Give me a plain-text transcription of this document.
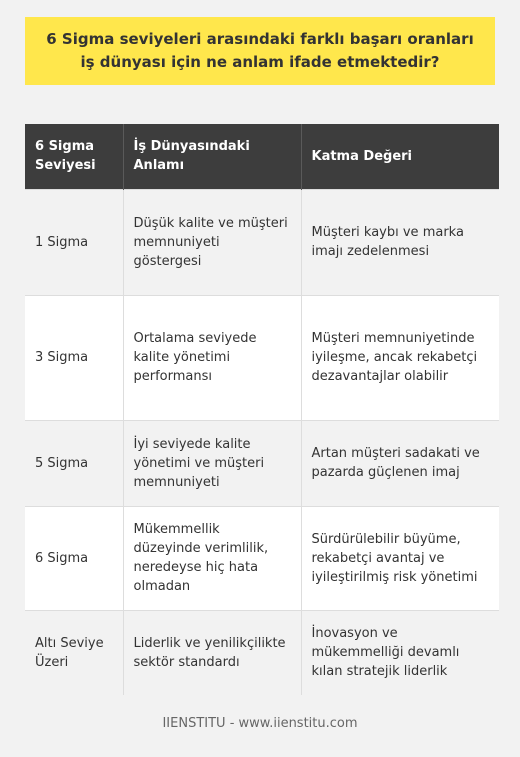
6 Sigma seviyeleri arasındaki farklı başarı oranları iş dünyası için ne anlam ifade etmektedir?
6 Sigma Seviyesi	İş Dünyasındaki Anlamı	Katma Değeri
1 Sigma	Düşük kalite ve müşteri memnuniyeti göstergesi	Müşteri kaybı ve marka imajı zedelenmesi
3 Sigma	Ortalama seviyede kalite yönetimi performansı	Müşteri memnuniyetinde iyileşme, ancak rekabetçi dezavantajlar olabilir
5 Sigma	İyi seviyede kalite yönetimi ve müşteri memnuniyeti	Artan müşteri sadakati ve pazarda güçlenen imaj
6 Sigma	Mükemmellik düzeyinde verimlilik, neredeyse hiç hata olmadan	Sürdürülebilir büyüme, rekabetçi avantaj ve iyileştirilmiş risk yönetimi
Altı Seviye Üzeri	Liderlik ve yenilikçilikte sektör standardı	İnovasyon ve mükemmelliği devamlı kılan stratejik liderlik
IIENSTITU - www.iienstitu.com
